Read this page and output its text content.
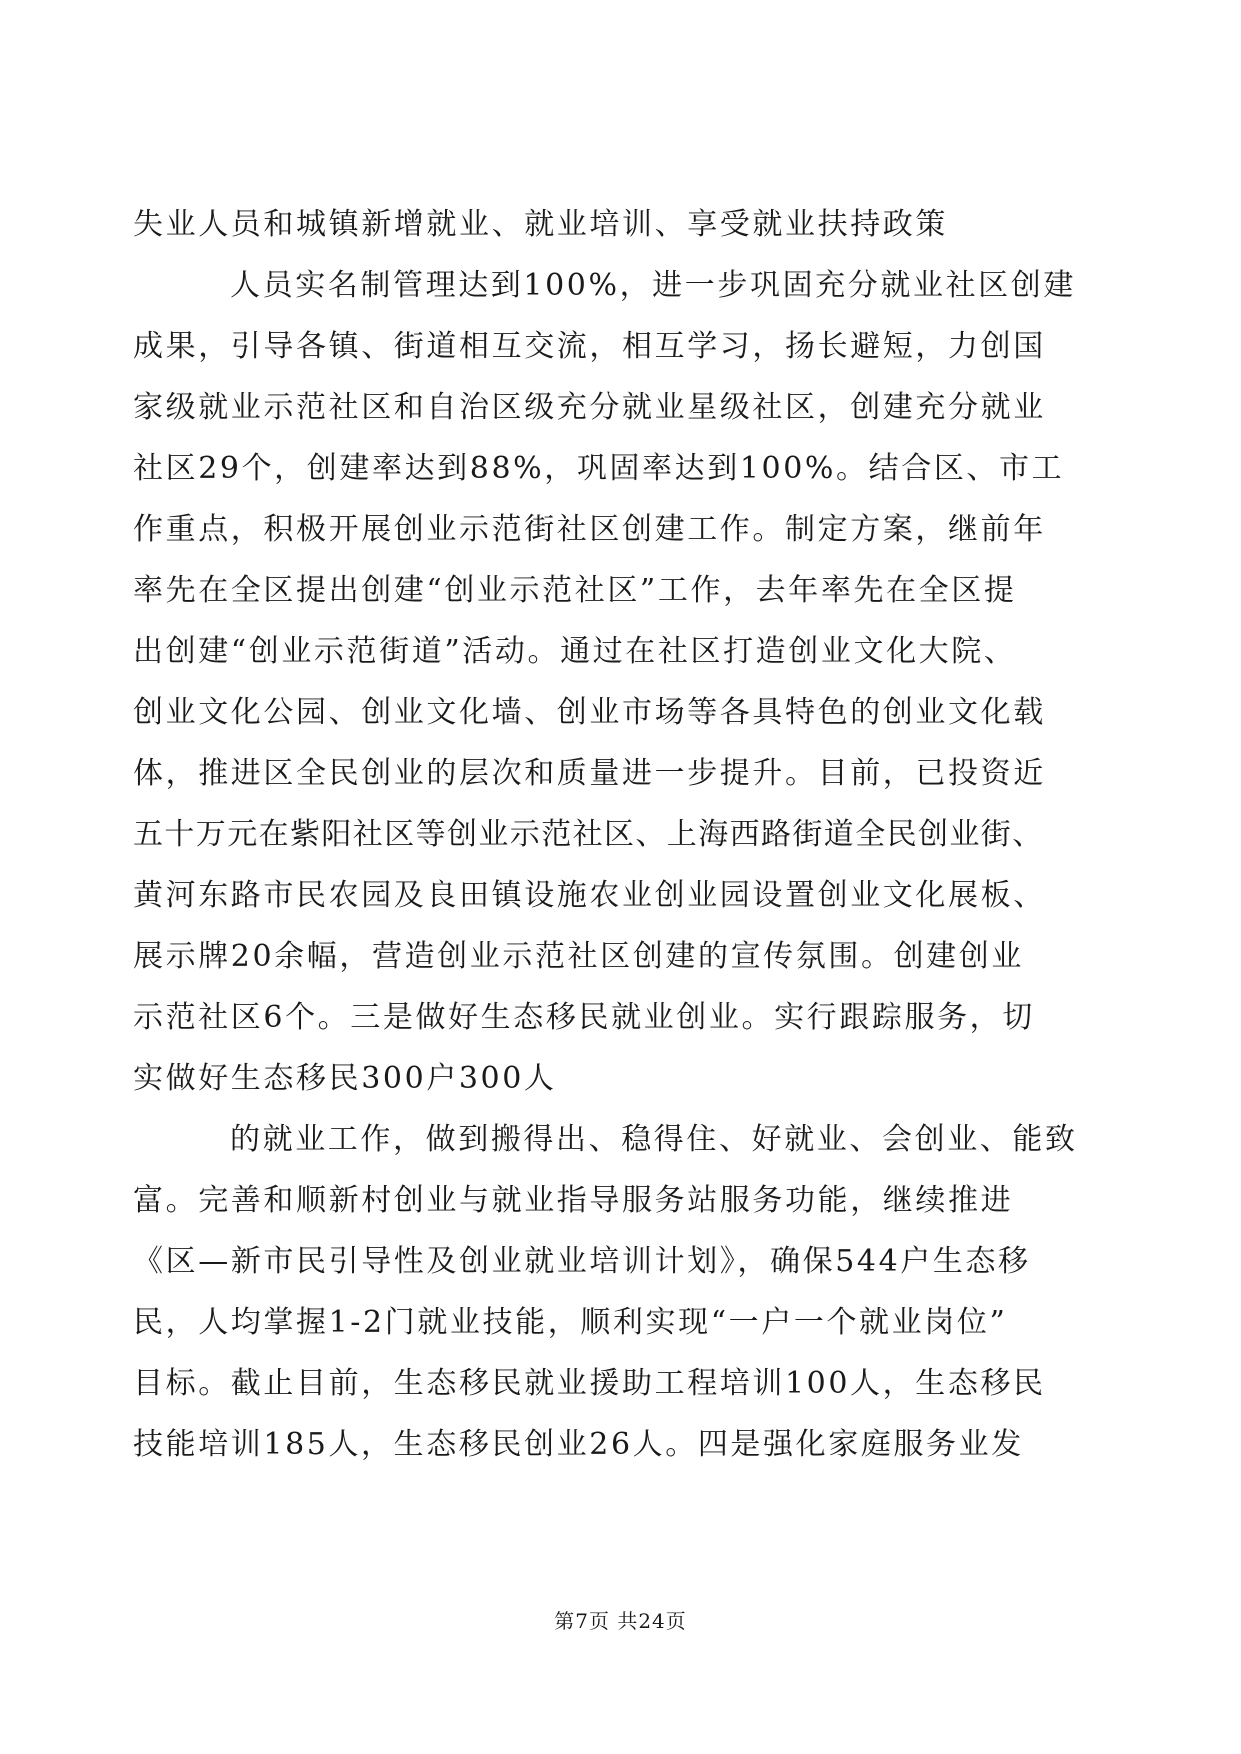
失业人员和城镇新增就业、就业培训、享受就业扶持政策
人员实名制管理达到100%，进一步巩固充分就业社区创建
成果，引导各镇、街道相互交流，相互学习，扬长避短，力创国
家级就业示范社区和自治区级充分就业星级社区，创建充分就业
社区29个，创建率达到88%，巩固率达到100%。结合区、市工
作重点，积极开展创业示范街社区创建工作。制定方案，继前年
率先在全区提出创建“创业示范社区”工作，去年率先在全区提
出创建“创业示范街道”活动。通过在社区打造创业文化大院、
创业文化公园、创业文化墙、创业市场等各具特色的创业文化载
体，推进区全民创业的层次和质量进一步提升。目前，已投资近
五十万元在紫阳社区等创业示范社区、上海西路街道全民创业街、
黄河东路市民农园及良田镇设施农业创业园设置创业文化展板、
展示牌20余幅，营造创业示范社区创建的宣传氛围。创建创业
示范社区6个。三是做好生态移民就业创业。实行跟踪服务，切
实做好生态移民300户300人
的就业工作，做到搬得出、稳得住、好就业、会创业、能致
富。完善和顺新村创业与就业指导服务站服务功能，继续推进
《区—新市民引导性及创业就业培训计划》，确保544户生态移
民，人均掌握1-2门就业技能，顺利实现“一户一个就业岗位”
目标。截止目前，生态移民就业援助工程培训100人，生态移民
技能培训185人，生态移民创业26人。四是强化家庭服务业发
第7页 共24页
